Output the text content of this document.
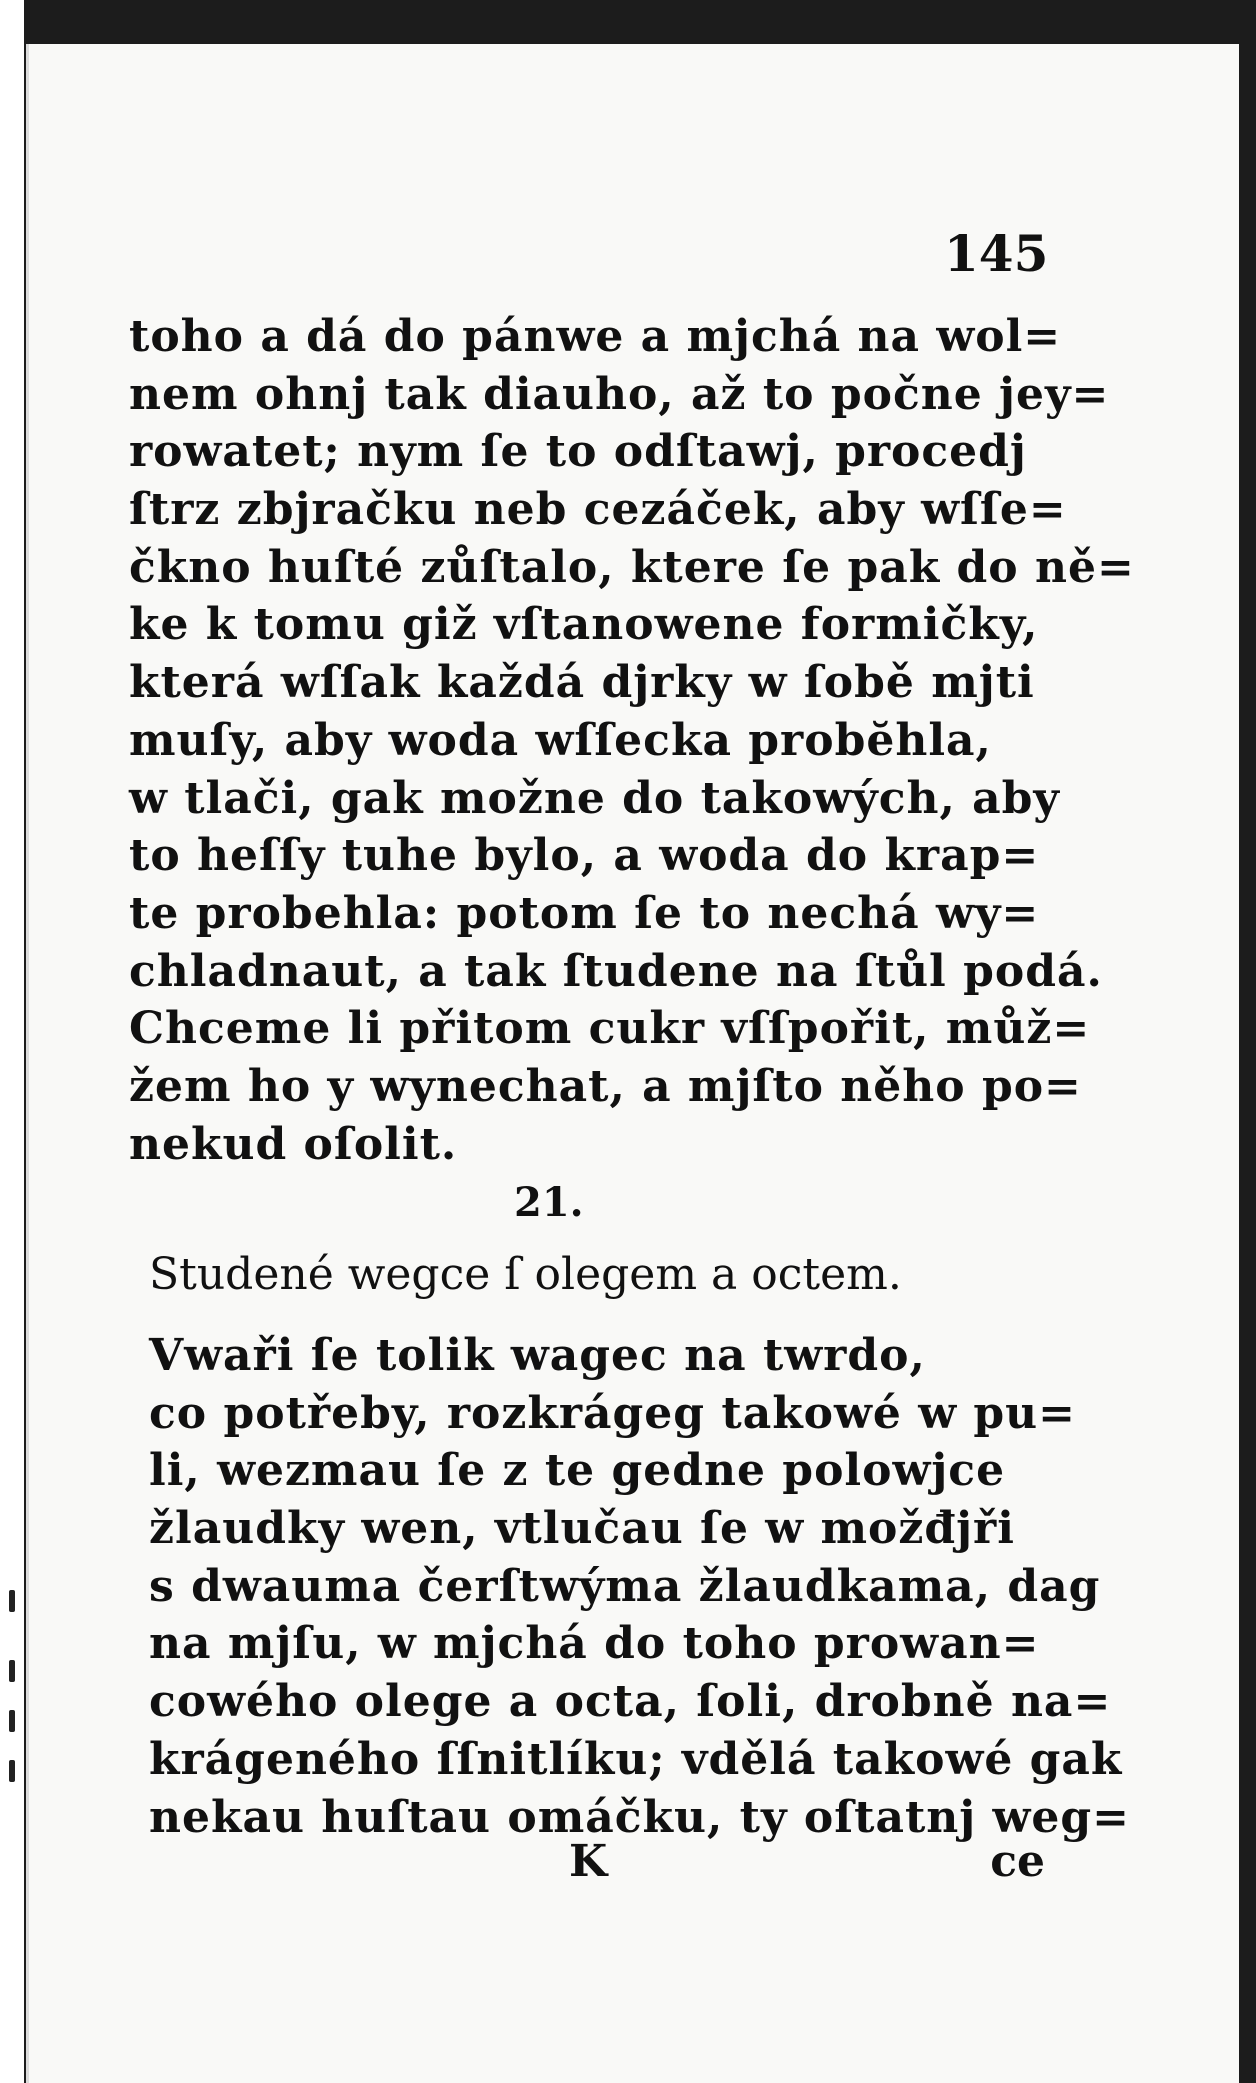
145
toho a dá do pánwe a mjchá na wol=
nem ohnj tak diauho, až to počne jey=
rowatet; nym ſe to odſtawj, procedj
ſtrz zbjračku neb cezáček, aby wſſe=
čkno huſté zůſtalo, ktere ſe pak do ně=
ke k tomu giž vſtanowene formičky,
která wſſak každá djrky w ſobě mjti
muſy, aby woda wſſecka probĕhla,
w tlači, gak možne do takowých, aby
to heſſy tuhe bylo, a woda do krap=
te probehla: potom ſe to nechá wy=
chladnaut, a tak ſtudene na ſtůl podá.
Chceme li přitom cukr vſſpořit, můž=
žem ho y wynechat, a mjſto něho po=
nekud oſolit.
21.
Studené wegce ſ olegem a octem.
Vwaři ſe tolik wagec na twrdo,
co potřeby, rozkrágeg takowé w pu=
li, wezmau ſe z te gedne polowjce
žlaudky wen, vtlučau ſe w možđjři
s dwauma čerſtwýma žlaudkama, dag
na mjſu, w mjchá do toho prowan=
cowého olege a octa, ſoli, drobně na=
krágeného ſſnitlíku; vdělá takowé gak
nekau huſtau omáčku, ty oſtatnj weg=
K	ce
